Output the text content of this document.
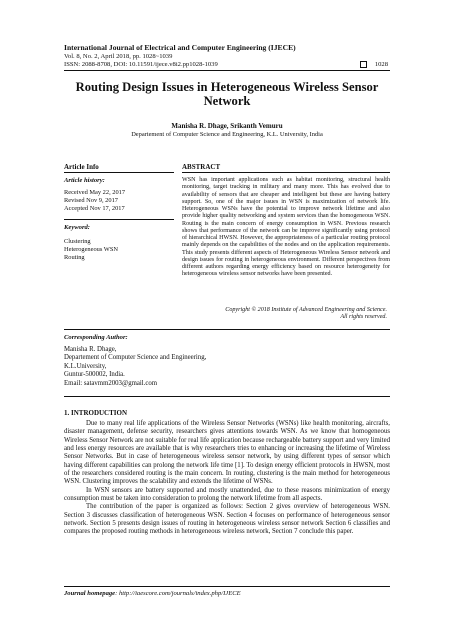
International Journal of Electrical and Computer Engineering (IJECE)
Vol. 8, No. 2, April 2018, pp. 1028~1039
ISSN: 2088-8708, DOI: 10.11591/ijece.v8i2.pp1028-1039	1028
Routing Design Issues in Heterogeneous Wireless Sensor Network
Manisha R. Dhage, Srikanth Vemuru
Departement of Computer Science and Engineering, K.L. University, India
Article Info	ABSTRACT
Article history:
Received May 22, 2017
Revised Nov 9, 2017
Accepted Nov 17, 2017
Keyword:
Clustering
Heterogeneous WSN
Routing
WSN has important applications such as habitat monitoring, structural health monitoring, target tracking in military and many more. This has evolved due to availability of sensors that are cheaper and intelligent but these are having battery support. So, one of the major issues in WSN is maximization of network life. Heterogeneous WSNs have the potential to improve network lifetime and also provide higher quality networking and system services than the homogeneous WSN. Routing is the main concern of energy consumption in WSN. Previous research shows that performance of the network can be improve significantly using protocol of hierarchical HWSN. However, the appropriateness of a particular routing protocol mainly depends on the capabilities of the nodes and on the application requirements. This study presents different aspects of Heterogeneous Wireless Sensor network and design issues for routing in heterogeneous environment. Different perspectives from different authors regarding energy efficiency based on resource heterogeneity for heterogeneous wireless sensor networks have been presented.
Copyright © 2018 Institute of Advanced Engineering and Science.
All rights reserved.
Corresponding Author:
Manisha R. Dhage,
Departement of Computer Science and Engineering,
K.L.University,
Guntur-500002, India.
Email: satavmm2003@gmail.com
1. INTRODUCTION

Due to many real life applications of the Wireless Sensor Networks (WSNs) like health monitoring, aircrafts, disaster management, defense security, researchers gives attentions towards WSN. As we know that homogeneous Wireless Sensor Network are not suitable for real life application because rechargeable battery support and very limited and less energy resources are available that is why researchers tries to enhancing or increasing the lifetime of Wireless Sensor Networks. But in case of heterogeneous wireless sensor network, by using different types of sensor which having different capabilities can prolong the network life time [1]. To design energy efficient protocols in HWSN, most of the researchers considered routing is the main concern. In routing, clustering is the main method for heterogeneous WSN. Clustering improves the scalability and extends the lifetime of WSNs.

In WSN sensors are battery supported and mostly unattended, due to these reasons minimization of energy consumption must be taken into consideration to prolong the network lifetime from all aspects.

The contribution of the paper is organized as follows: Section 2 gives overview of heterogeneous WSN. Section 3 discusses classification of heterogeneous WSN. Section 4 focuses on performance of heterogeneous sensor network. Section 5 presents design issues of routing in heterogeneous wireless sensor network Section 6 classifies and compares the proposed routing methods in heterogeneous wireless network, Section 7 conclude this paper.

Journal homepage: http://iaescore.com/journals/index.php/IJECE
